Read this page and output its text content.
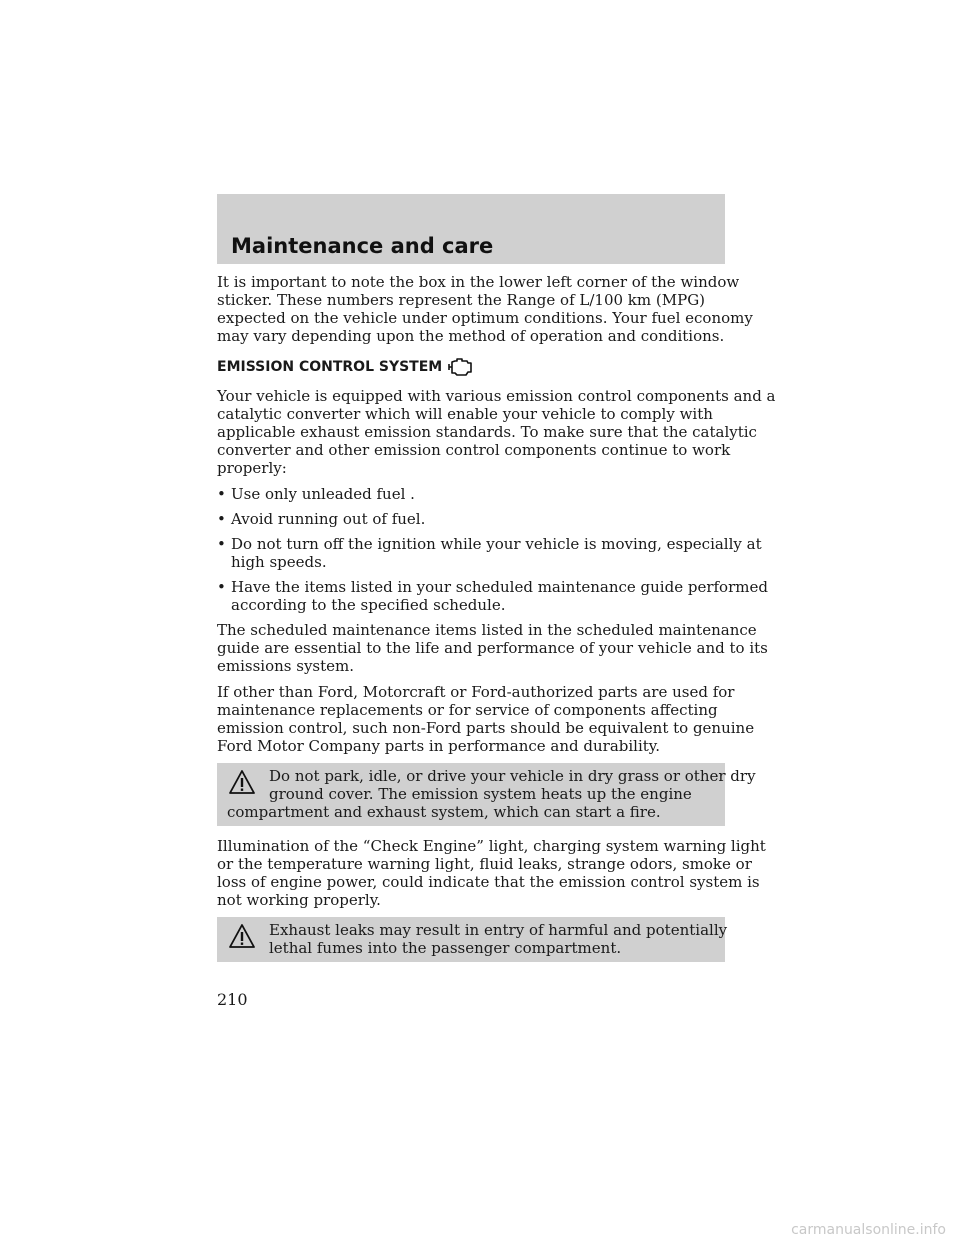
Maintenance and care

It is important to note the box in the lower left corner of the window
sticker. These numbers represent the Range of L/100 km (MPG)
expected on the vehicle under optimum conditions. Your fuel economy
may vary depending upon the method of operation and conditions.

EMISSION CONTROL SYSTEM

Your vehicle is equipped with various emission control components and a
catalytic converter which will enable your vehicle to comply with
applicable exhaust emission standards. To make sure that the catalytic
converter and other emission control components continue to work
properly:

• Use only unleaded fuel .
• Avoid running out of fuel.
• Do not turn off the ignition while your vehicle is moving, especially at
high speeds.
• Have the items listed in your scheduled maintenance guide performed
according to the specified schedule.

The scheduled maintenance items listed in the scheduled maintenance
guide are essential to the life and performance of your vehicle and to its
emissions system.

If other than Ford, Motorcraft or Ford-authorized parts are used for
maintenance replacements or for service of components affecting
emission control, such non-Ford parts should be equivalent to genuine
Ford Motor Company parts in performance and durability.

Do not park, idle, or drive your vehicle in dry grass or other dry
ground cover. The emission system heats up the engine
compartment and exhaust system, which can start a fire.

Illumination of the “Check Engine” light, charging system warning light
or the temperature warning light, fluid leaks, strange odors, smoke or
loss of engine power, could indicate that the emission control system is
not working properly.

Exhaust leaks may result in entry of harmful and potentially
lethal fumes into the passenger compartment.
210
carmanualsonline.info
